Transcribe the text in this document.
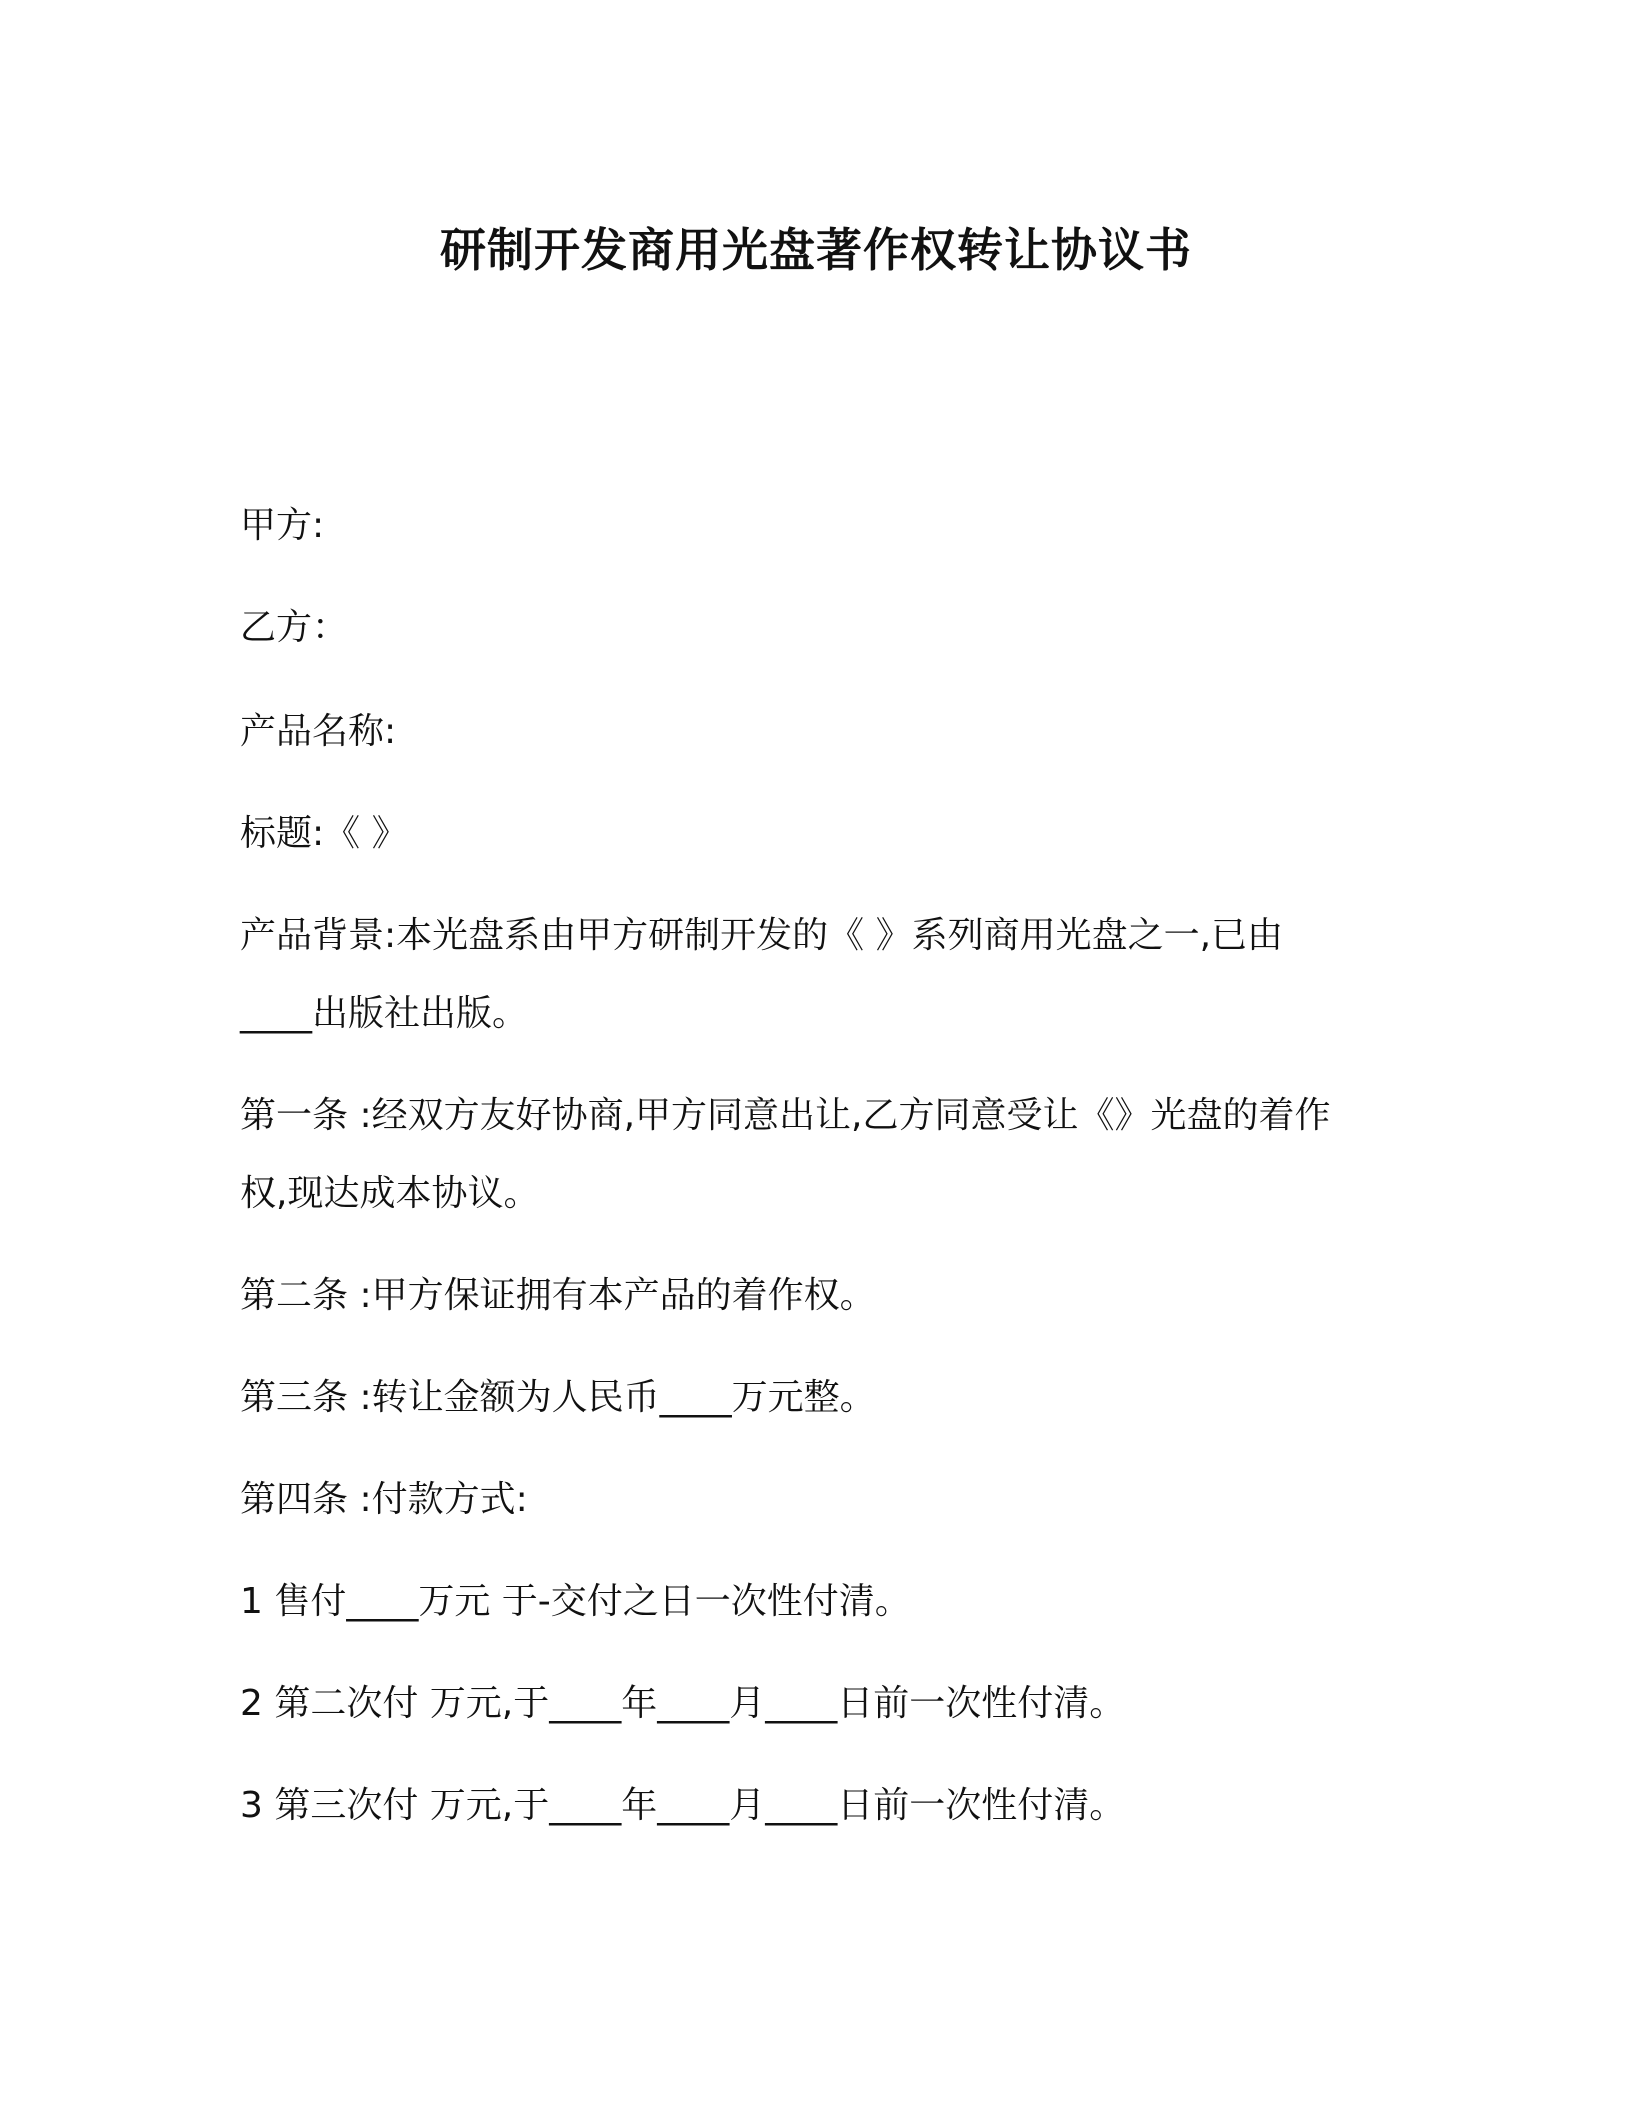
研制开发商用光盘著作权转让协议书
甲方:
乙方：
产品名称:
标题:《 》
产品背景:本光盘系由甲方研制开发的《 》系列商用光盘之一,已由
____出版社出版。
第一条 :经双方友好协商,甲方同意出让,乙方同意受让《》光盘的着作
权,现达成本协议。
第二条 :甲方保证拥有本产品的着作权。
第三条 :转让金额为人民币____万元整。
第四条 :付款方式:
1 售付____万元 于-交付之日一次性付清。
2 第二次付 万元,于____年____月____日前一次性付清。
3 第三次付 万元,于____年____月____日前一次性付清。
